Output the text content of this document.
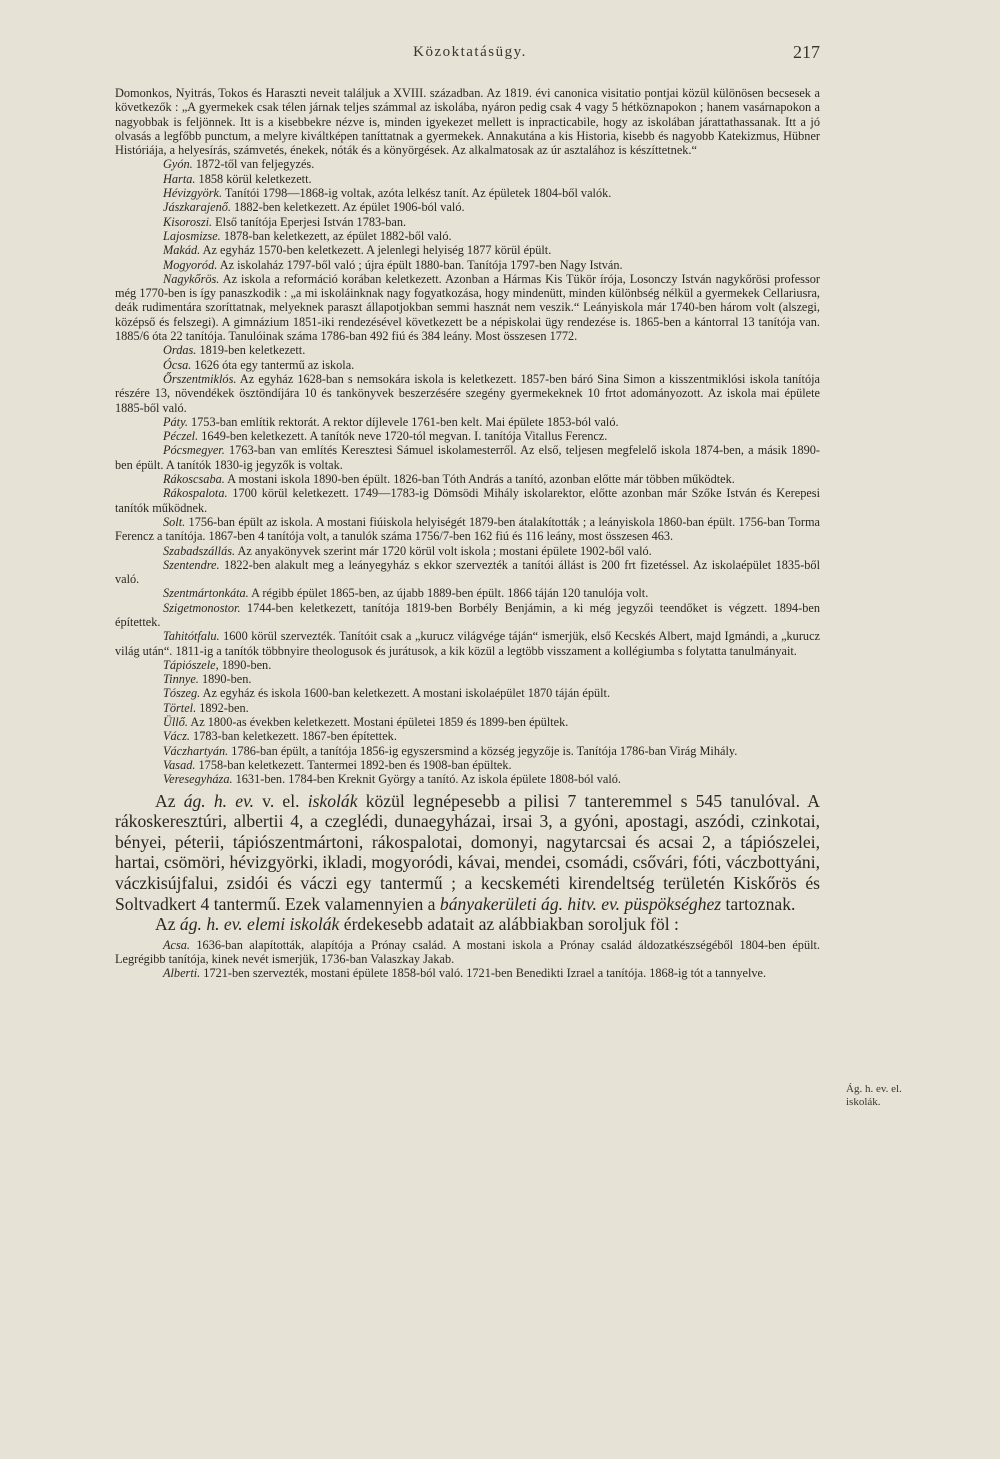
Közoktatásügy.	217

Domonkos, Nyitrás, Tokos és Haraszti neveit találjuk a XVIII. században. Az 1819. évi canonica visitatio pontjai közül különösen becsesek a következők : „A gyermekek csak télen járnak teljes számmal az iskolába, nyáron pedig csak 4 vagy 5 hétköznapokon ; hanem vasárnapokon a nagyobbak is feljönnek. Itt is a kisebbekre nézve is, minden igyekezet mellett is inpracticabile, hogy az iskolában járattathassanak. Itt a jó olvasás a legfőbb punctum, a melyre kiváltképen taníttatnak a gyermekek. Annakutána a kis Historia, kisebb és nagyobb Katekizmus, Hübner Históriája, a helyesírás, számvetés, énekek, nóták és a könyörgések. Az alkalmatosak az úr asztalához is készíttetnek.“

Gyón. 1872-től van feljegyzés.

Harta. 1858 körül keletkezett.

Hévizgyörk. Tanítói 1798—1868-ig voltak, azóta lelkész tanít. Az épületek 1804-ből valók.

Jászkarajenő. 1882-ben keletkezett. Az épület 1906-ból való.

Kisoroszi. Első tanítója Eperjesi István 1783-ban.

Lajosmizse. 1878-ban keletkezett, az épület 1882-ből való.

Makád. Az egyház 1570-ben keletkezett. A jelenlegi helyiség 1877 körül épült.

Mogyoród. Az iskolaház 1797-ből való ; újra épült 1880-ban. Tanítója 1797-ben Nagy István.

Nagykőrös. Az iskola a reformáció korában keletkezett. Azonban a Hármas Kis Tükör írója, Losonczy István nagykőrösi professor még 1770-ben is így panaszkodik : „a mi iskoláinknak nagy fogyatkozása, hogy mindenütt, minden különbség nélkül a gyermekek Cellariusra, deák rudimentára szoríttatnak, melyeknek paraszt állapotjokban semmi hasznát nem veszik.“ Leányiskola már 1740-ben három volt (alszegi, középső és felszegi). A gimnázium 1851-iki rendezésével következett be a népiskolai ügy rendezése is. 1865-ben a kántorral 13 tanítója van. 1885/6 óta 22 tanítója. Tanulóinak száma 1786-ban 492 fiú és 384 leány. Most összesen 1772.

Ordas. 1819-ben keletkezett.

Ócsa. 1626 óta egy tantermű az iskola.

Őrszentmiklós. Az egyház 1628-ban s nemsokára iskola is keletkezett. 1857-ben báró Sina Simon a kisszentmiklósi iskola tanítója részére 13, növendékek ösztöndíjára 10 és tankönyvek beszerzésére szegény gyermekeknek 10 frtot adományozott. Az iskola mai épülete 1885-ből való.

Páty. 1753-ban említik rektorát. A rektor díjlevele 1761-ben kelt. Mai épülete 1853-ból való.

Péczel. 1649-ben keletkezett. A tanítók neve 1720-tól megvan. I. tanítója Vitallus Ferencz.

Pócsmegyer. 1763-ban van említés Keresztesi Sámuel iskolamesterről. Az első, teljesen megfelelő iskola 1874-ben, a másik 1890-ben épült. A tanítók 1830-ig jegyzők is voltak.

Rákoscsaba. A mostani iskola 1890-ben épült. 1826-ban Tóth András a tanító, azonban előtte már többen működtek.

Rákospalota. 1700 körül keletkezett. 1749—1783-ig Dömsödi Mihály iskolarektor, előtte azonban már Szőke István és Kerepesi tanítók működnek.

Solt. 1756-ban épült az iskola. A mostani fiúiskola helyiségét 1879-ben átalakították ; a leányiskola 1860-ban épült. 1756-ban Torma Ferencz a tanítója. 1867-ben 4 tanítója volt, a tanulók száma 1756/7-ben 162 fiú és 116 leány, most összesen 463.

Szabadszállás. Az anyakönyvek szerint már 1720 körül volt iskola ; mostani épülete 1902-ből való.

Szentendre. 1822-ben alakult meg a leányegyház s ekkor szervezték a tanítói állást is 200 frt fizetéssel. Az iskolaépület 1835-ből való.

Szentmártonkáta. A régibb épület 1865-ben, az újabb 1889-ben épült. 1866 táján 120 tanulója volt.

Szigetmonostor. 1744-ben keletkezett, tanítója 1819-ben Borbély Benjámin, a ki még jegyzői teendőket is végzett. 1894-ben építettek.

Tahitótfalu. 1600 körül szervezték. Tanítóit csak a „kurucz világvége táján“ ismerjük, első Kecskés Albert, majd Igmándi, a „kurucz világ után“. 1811-ig a tanítók többnyire theologusok és jurátusok, a kik közül a legtöbb visszament a kollégiumba s folytatta tanulmányait.

Tápiószele, 1890-ben.

Tinnye. 1890-ben.

Tószeg. Az egyház és iskola 1600-ban keletkezett. A mostani iskolaépület 1870 táján épült.

Törtel. 1892-ben.

Üllő. Az 1800-as években keletkezett. Mostani épületei 1859 és 1899-ben épültek.

Vácz. 1783-ban keletkezett. 1867-ben építettek.

Váczhartyán. 1786-ban épült, a tanítója 1856-ig egyszersmind a község jegyzője is. Tanítója 1786-ban Virág Mihály.

Vasad. 1758-ban keletkezett. Tantermei 1892-ben és 1908-ban épültek.

Veresegyháza. 1631-ben. 1784-ben Kreknit György a tanító. Az iskola épülete 1808-ból való.

Az ág. h. ev. v. el. iskolák közül legnépesebb a pilisi 7 tanteremmel s 545 tanulóval. A rákoskeresztúri, albertii 4, a czeglédi, dunaegyházai, irsai 3, a gyóni, apostagi, aszódi, czinkotai, bényei, péterii, tápiószentmártoni, rákospalotai, domonyi, nagytarcsai és acsai 2, a tápiószelei, hartai, csömöri, hévizgyörki, ikladi, mogyoródi, kávai, mendei, csomádi, csővári, fóti, váczbottyáni, váczkisújfalui, zsidói és váczi egy tantermű ; a kecskeméti kirendeltség területén Kiskőrös és Soltvadkert 4 tantermű. Ezek valamennyien a bányakerületi ág. hitv. ev. püspökséghez tartoznak.

Az ág. h. ev. elemi iskolák érdekesebb adatait az alábbiakban soroljuk föl :

Acsa. 1636-ban alapították, alapítója a Prónay család. A mostani iskola a Prónay család áldozatkészségéből 1804-ben épült. Legrégibb tanítója, kinek nevét ismerjük, 1736-ban Valaszkay Jakab.

Alberti. 1721-ben szervezték, mostani épülete 1858-ból való. 1721-ben Benedikti Izrael a tanítója. 1868-ig tót a tannyelve.

Ág. h. ev. el. iskolák.
